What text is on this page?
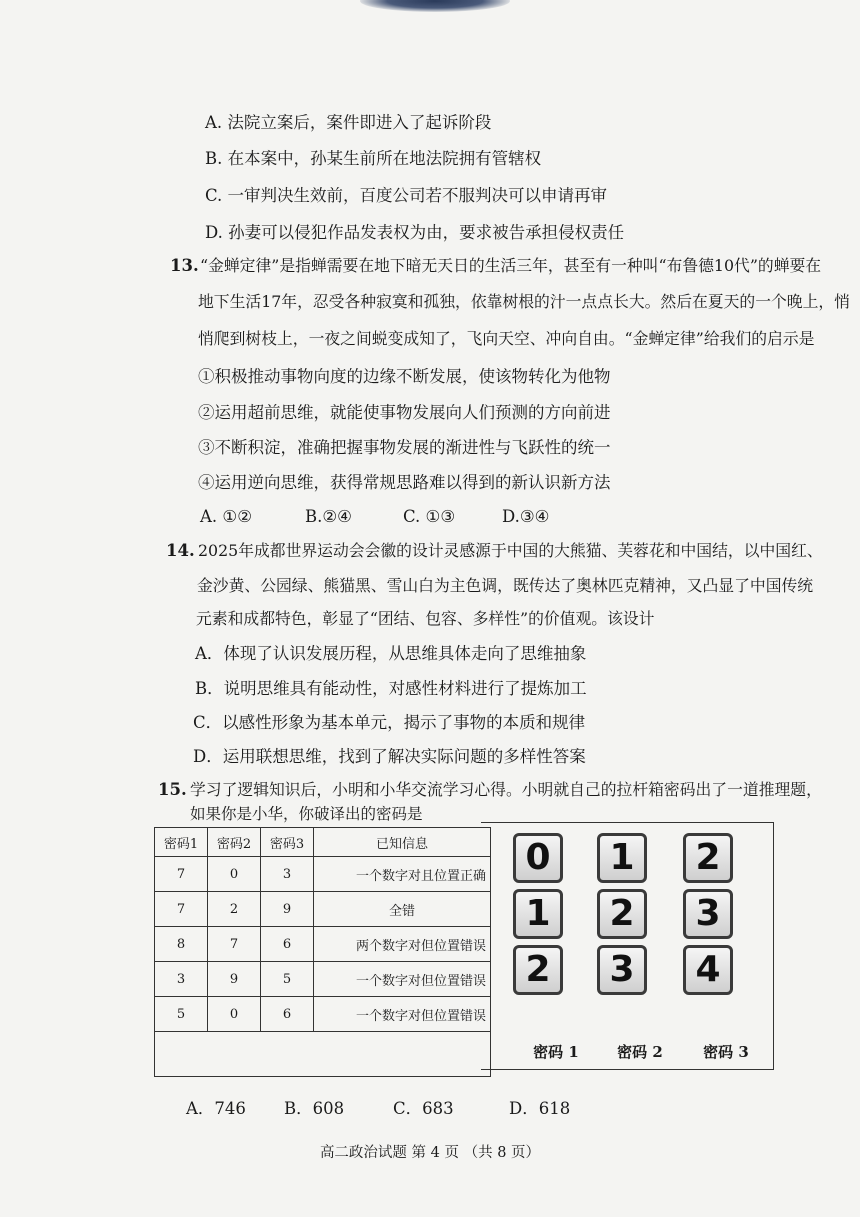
A. 法院立案后，案件即进入了起诉阶段
B. 在本案中，孙某生前所在地法院拥有管辖权
C. 一审判决生效前，百度公司若不服判决可以申请再审
D. 孙妻可以侵犯作品发表权为由，要求被告承担侵权责任
13. “金蝉定律”是指蝉需要在地下暗无天日的生活三年，甚至有一种叫“布鲁德10代”的蝉要在
地下生活17年，忍受各种寂寞和孤独，依靠树根的汁一点点长大。然后在夏天的一个晚上，悄
悄爬到树枝上，一夜之间蜕变成知了，飞向天空、冲向自由。“金蝉定律”给我们的启示是
①积极推动事物向度的边缘不断发展，使该物转化为他物
②运用超前思维，就能使事物发展向人们预测的方向前进
③不断积淀，准确把握事物发展的渐进性与飞跃性的统一
④运用逆向思维，获得常规思路难以得到的新认识新方法
A. ①②	B.②④	C. ①③	D.③④
14. 2025年成都世界运动会会徽的设计灵感源于中国的大熊猫、芙蓉花和中国结，以中国红、
金沙黄、公园绿、熊猫黑、雪山白为主色调，既传达了奥林匹克精神，又凸显了中国传统
元素和成都特色，彰显了“团结、包容、多样性”的价值观。该设计
A．体现了认识发展历程，从思维具体走向了思维抽象
B．说明思维具有能动性，对感性材料进行了提炼加工
C．以感性形象为基本单元，揭示了事物的本质和规律
D．运用联想思维，找到了解决实际问题的多样性答案
15. 学习了逻辑知识后，小明和小华交流学习心得。小明就自己的拉杆箱密码出了一道推理题，
如果你是小华，你破译出的密码是
密码1	密码2	密码3	已知信息
7	0	3	一个数字对且位置正确
7	2	9	全错
8	7	6	两个数字对但位置错误
3	9	5	一个数字对但位置错误
5	0	6	一个数字对但位置错误

0
1
2
1
2
3
2
3
4
密码 1	密码 2	密码 3
A．746 B．608	C．683	D．618
高二政治试题 第 4 页 （共 8 页）
